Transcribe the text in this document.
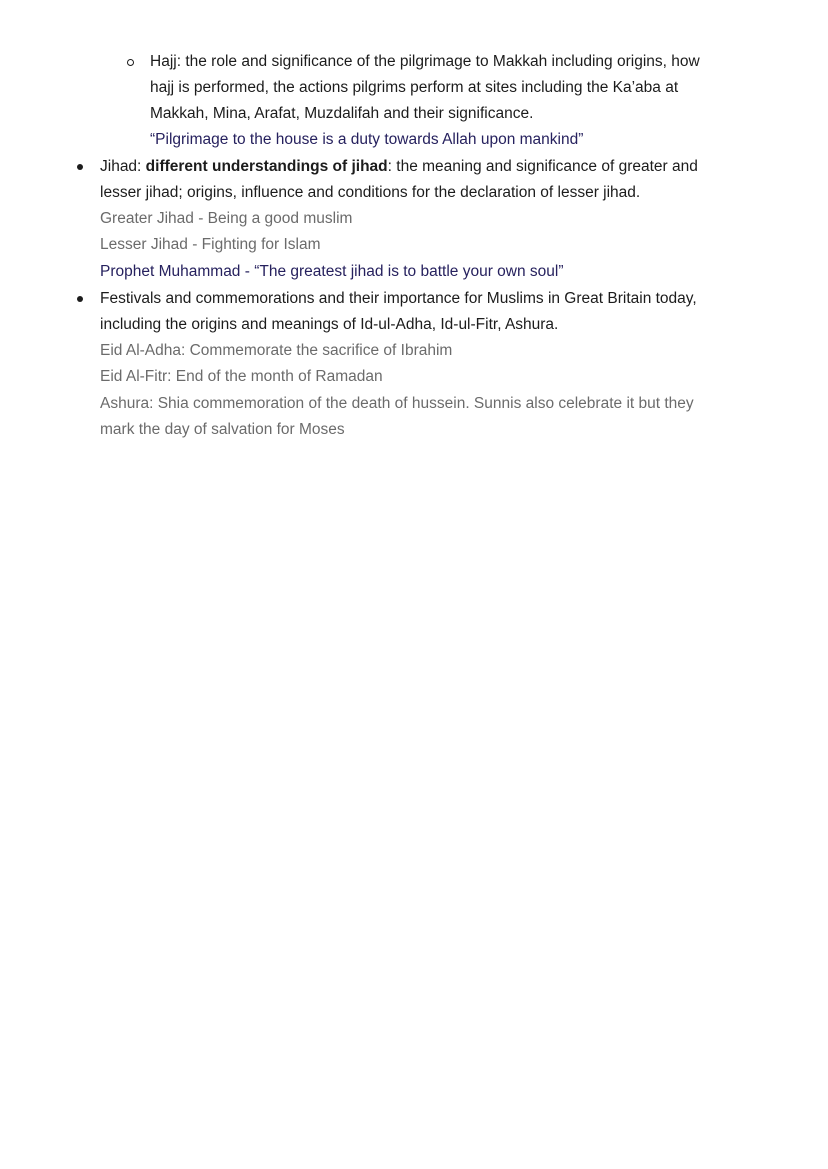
Hajj: the role and significance of the pilgrimage to Makkah including origins, how
hajj is performed, the actions pilgrims perform at sites including the Ka’aba at
Makkah, Mina, Arafat, Muzdalifah and their significance.
“Pilgrimage to the house is a duty towards Allah upon mankind”
Jihad: different understandings of jihad: the meaning and significance of greater and
lesser jihad; origins, influence and conditions for the declaration of lesser jihad.
Greater Jihad - Being a good muslim
Lesser Jihad - Fighting for Islam
Prophet Muhammad - “The greatest jihad is to battle your own soul”
Festivals and commemorations and their importance for Muslims in Great Britain today,
including the origins and meanings of Id-ul-Adha, Id-ul-Fitr, Ashura.
Eid Al-Adha: Commemorate the sacrifice of Ibrahim
Eid Al-Fitr: End of the month of Ramadan
Ashura: Shia commemoration of the death of hussein. Sunnis also celebrate it but they
mark the day of salvation for Moses
